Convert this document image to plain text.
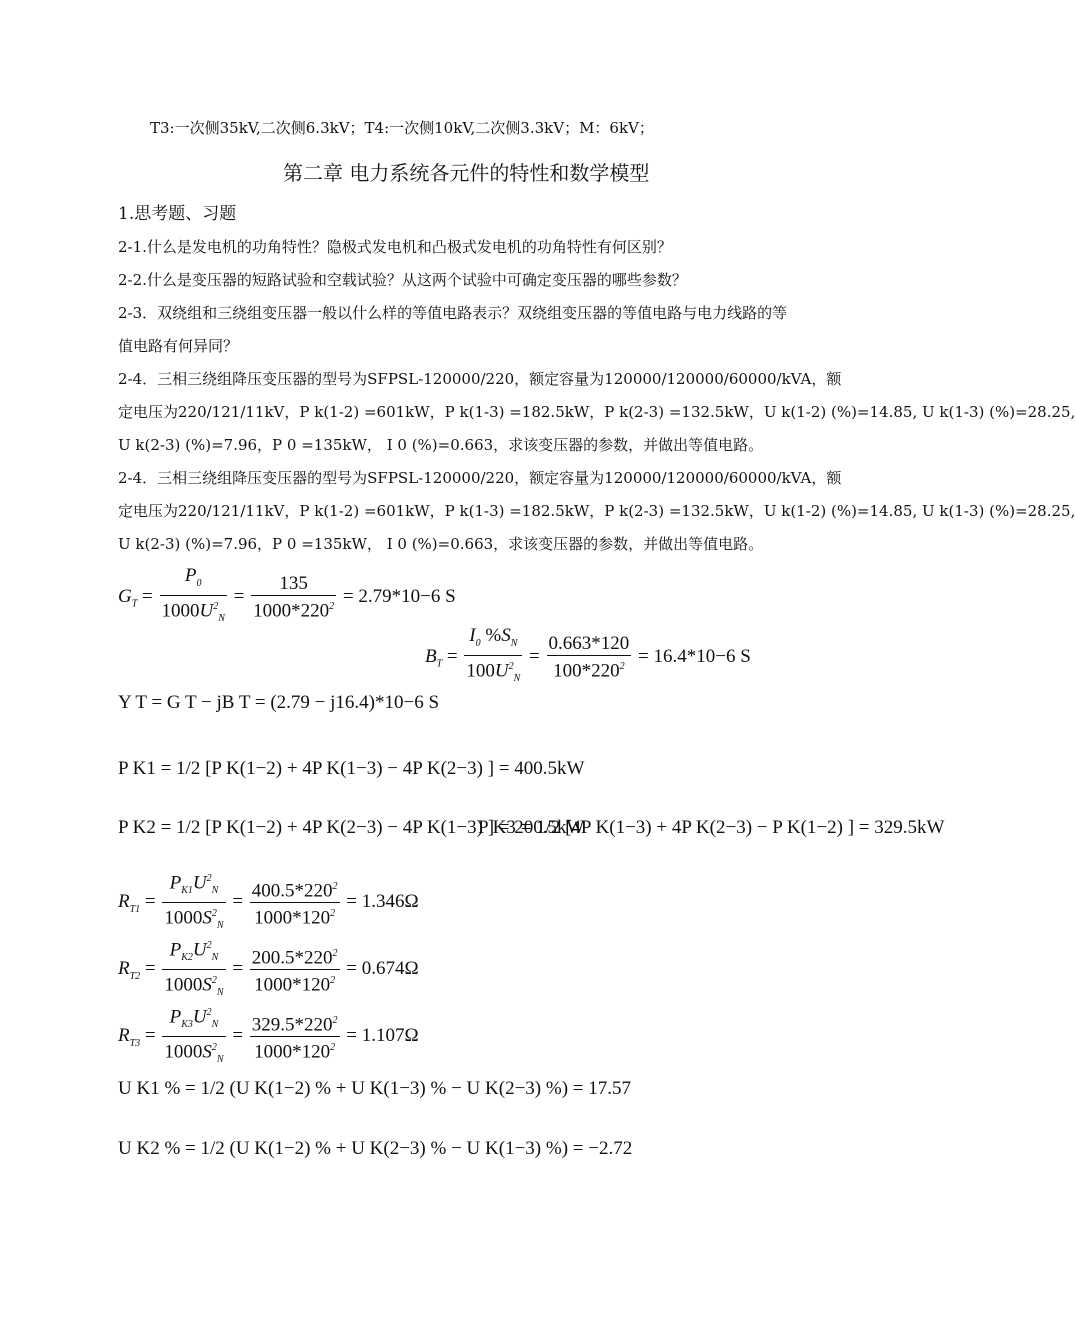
T3:一次侧35kV,二次侧6.3kV；T4:一次侧10kV,二次侧3.3kV；M：6kV；
第二章 电力系统各元件的特性和数学模型
1.思考题、习题
2-1.什么是发电机的功角特性？隐极式发电机和凸极式发电机的功角特性有何区别？
2-2.什么是变压器的短路试验和空载试验？从这两个试验中可确定变压器的哪些参数？
2-3．双绕组和三绕组变压器一般以什么样的等值电路表示？双绕组变压器的等值电路与电力线路的等
值电路有何异同？
2-4．三相三绕组降压变压器的型号为SFPSL-120000/220，额定容量为120000/120000/60000/kVA，额
定电压为220/121/11kV，P k(1-2) =601kW，P k(1-3) =182.5kW，P k(2-3) =132.5kW，U k(1-2) (%)=14.85, U k(1-3) (%)=28.25,
U k(2-3) (%)=7.96，P 0 =135kW， I 0 (%)=0.663，求该变压器的参数，并做出等值电路。
2-4．三相三绕组降压变压器的型号为SFPSL-120000/220，额定容量为120000/120000/60000/kVA，额
定电压为220/121/11kV，P k(1-2) =601kW，P k(1-3) =182.5kW，P k(2-3) =132.5kW，U k(1-2) (%)=14.85, U k(1-3) (%)=28.25,
U k(2-3) (%)=7.96，P 0 =135kW， I 0 (%)=0.663，求该变压器的参数，并做出等值电路。
$G_T = \frac{P_0}{1000U^2_N} = \frac{135}{1000*220^2} = 2.79*10-6$ S
$B_T = \frac{I_0 \%S_N}{100U^2_N} = \frac{0.663*120}{100*220^2} = 16.4*10-6$ S
Y T = G T − jB T = (2.79 − j16.4)*10−6 S
P K1 = 1/2 [P K(1−2) + 4P K(1−3) − 4P K(2−3) ] = 400.5kW
P K2 = 1/2 [P K(1−2) + 4P K(2−3) − 4P K(1−3) ] = 200.5kW
P K3 = 1/2 [4P K(1−3) + 4P K(2−3) − P K(1−2) ] = 329.5kW
$R_{T1} = \frac{P_{K1}U^2_N}{1000S^2_N} = \frac{400.5*220^2}{1000*120^2} = 1.346\Omega$
$R_{T2} = \frac{P_{K2}U^2_N}{1000S^2_N} = \frac{200.5*220^2}{1000*120^2} = 0.674\Omega$
$R_{T3} = \frac{P_{K3}U^2_N}{1000S^2_N} = \frac{329.5*220^2}{1000*120^2} = 1.107\Omega$
U K1 % = 1/2 (U K(1−2) % + U K(1−3) % − U K(2−3) %) = 17.57
U K2 % = 1/2 (U K(1−2) % + U K(2−3) % − U K(1−3) %) = −2.72
